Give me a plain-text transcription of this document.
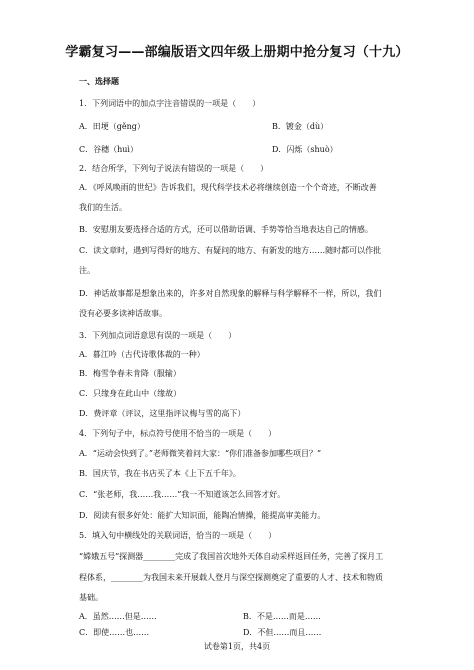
学霸复习——部编版语文四年级上册期中抢分复习（十九）
一、选择题
1．下列词语中的加点字注音错误的一项是（　　）
A．田埂（gěng）	B．镀金（dù）
C．谷穗（huì）	D．闪烁（shuò）
2．结合所学，下列句子说法有错误的一项是（　　）
A．《呼风唤雨的世纪》告诉我们，现代科学技术必将继续创造一个个奇迹，不断改善
我们的生活。
B．安慰朋友要选择合适的方式，还可以借助语调、手势等恰当地表达自己的情感。
C．读文章时，遇到写得好的地方、有疑问的地方、有新发的地方……随时都可以作批
注。
D．神话故事都是想象出来的，许多对自然现象的解释与科学解释不一样，所以，我们
没有必要多读神话故事。
3．下列加点词语意思有误的一项是（　　）
A．暮江吟（古代诗歌体裁的一种）
B．梅雪争春未肯降（服输）
C．只缘身在此山中（缘故）
D．费评章（评议，这里指评议梅与雪的高下）
4．下列句子中，标点符号使用不恰当的一项是（　　）
A．“运动会快到了。”老师微笑着问大家：“你们准备参加哪些项目？”
B．国庆节，我在书店买了本《上下五千年》。
C．“张老师，我……我……”我一不知道该怎么回答才好。
D．阅读有很多好处：能扩大知识面，能陶冶情操，能提高审美能力。
5．填入句中横线处的关联词语，恰当的一项是（　　）
“嫦娥五号”探测器________完成了我国首次地外天体自动采样返回任务，完善了探月工
程体系，________为我国未来开展载人登月与深空探测奠定了重要的人才、技术和物质
基础。
A．虽然……但是……	B．不是……而是……
C．即使……也……	D．不但……而且……
试卷第1页，共4页
